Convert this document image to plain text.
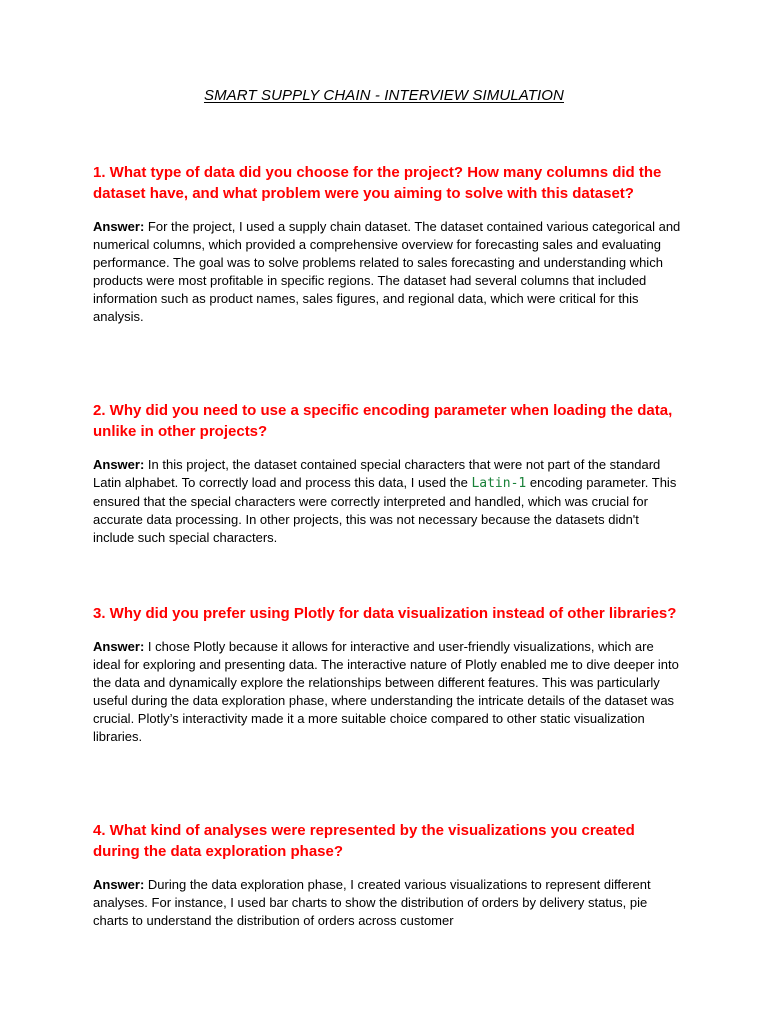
SMART SUPPLY CHAIN - INTERVIEW SIMULATION

1. What type of data did you choose for the project? How many columns did the dataset have, and what problem were you aiming to solve with this dataset?

Answer: For the project, I used a supply chain dataset. The dataset contained various categorical and numerical columns, which provided a comprehensive overview for forecasting sales and evaluating performance. The goal was to solve problems related to sales forecasting and understanding which products were most profitable in specific regions. The dataset had several columns that included information such as product names, sales figures, and regional data, which were critical for this analysis.

2. Why did you need to use a specific encoding parameter when loading the data, unlike in other projects?

Answer: In this project, the dataset contained special characters that were not part of the standard Latin alphabet. To correctly load and process this data, I used the Latin-1 encoding parameter. This ensured that the special characters were correctly interpreted and handled, which was crucial for accurate data processing. In other projects, this was not necessary because the datasets didn't include such special characters.

3. Why did you prefer using Plotly for data visualization instead of other libraries?

Answer: I chose Plotly because it allows for interactive and user-friendly visualizations, which are ideal for exploring and presenting data. The interactive nature of Plotly enabled me to dive deeper into the data and dynamically explore the relationships between different features. This was particularly useful during the data exploration phase, where understanding the intricate details of the dataset was crucial. Plotly’s interactivity made it a more suitable choice compared to other static visualization libraries.

4. What kind of analyses were represented by the visualizations you created during the data exploration phase?

Answer: During the data exploration phase, I created various visualizations to represent different analyses. For instance, I used bar charts to show the distribution of orders by delivery status, pie charts to understand the distribution of orders across customer
